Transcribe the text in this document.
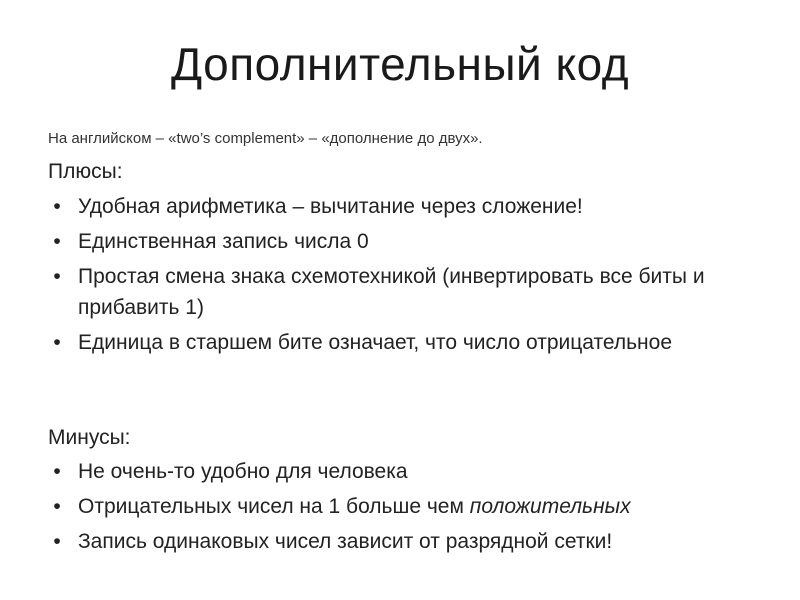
Дополнительный код
На английском – «two’s complement» – «дополнение до двух».
Плюсы:
• Удобная арифметика – вычитание через сложение!
• Единственная запись числа 0
• Простая смена знака схемотехникой (инвертировать все биты и прибавить 1)
• Единица в старшем бите означает, что число отрицательное
Минусы:
• Не очень-то удобно для человека
• Отрицательных чисел на 1 больше чем положительных
• Запись одинаковых чисел зависит от разрядной сетки!
